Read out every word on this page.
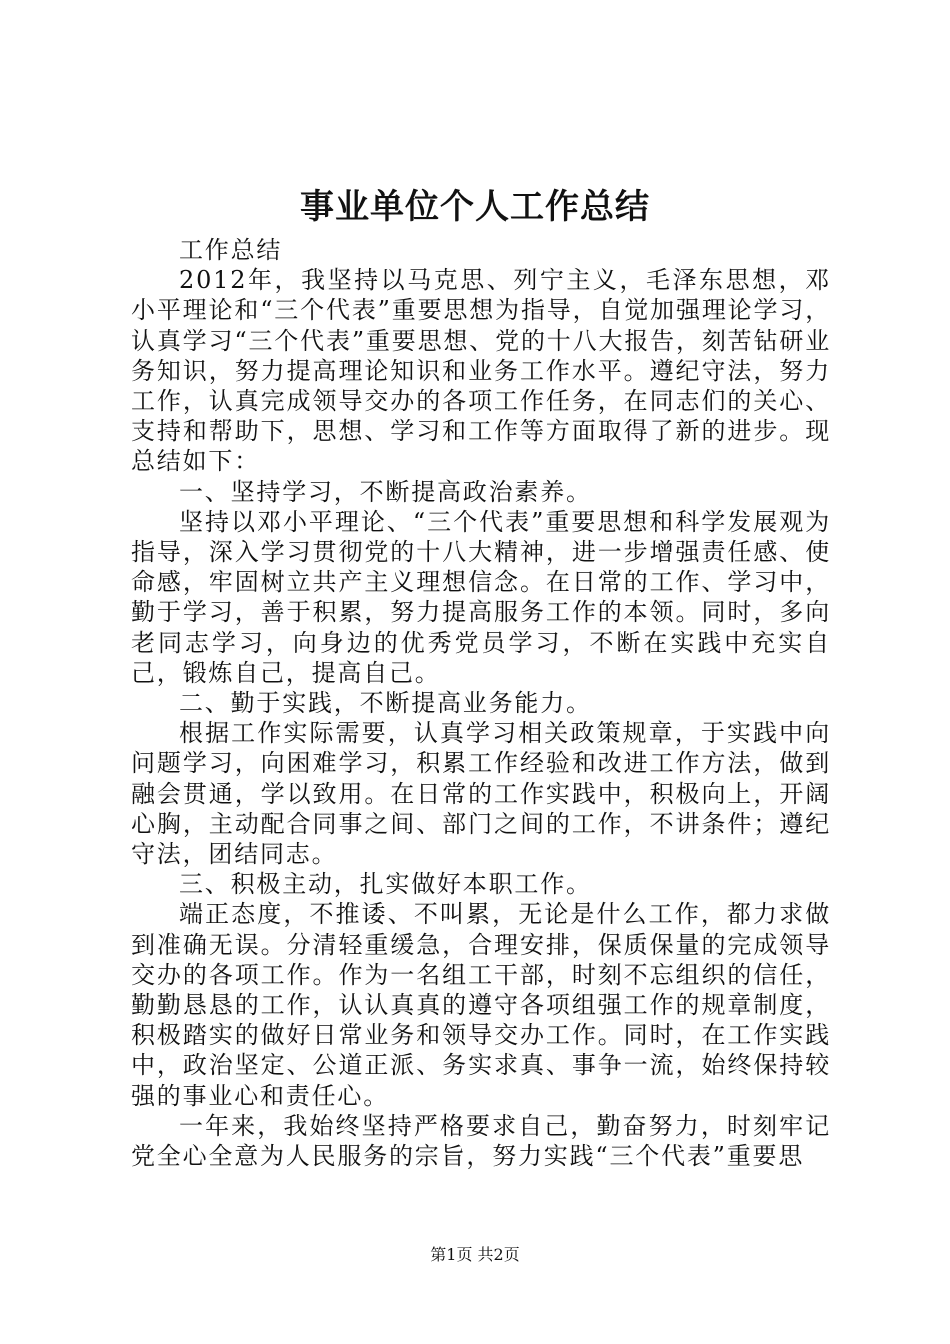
事业单位个人工作总结

工作总结

2012年，我坚持以马克思、列宁主义，毛泽东思想，邓小平理论和“三个代表”重要思想为指导，自觉加强理论学习，认真学习“三个代表”重要思想、党的十八大报告，刻苦钻研业务知识，努力提高理论知识和业务工作水平。遵纪守法，努力工作，认真完成领导交办的各项工作任务，在同志们的关心、支持和帮助下，思想、学习和工作等方面取得了新的进步。现总结如下：

一、坚持学习，不断提高政治素养。

坚持以邓小平理论、“三个代表”重要思想和科学发展观为指导，深入学习贯彻党的十八大精神，进一步增强责任感、使命感，牢固树立共产主义理想信念。在日常的工作、学习中，勤于学习，善于积累，努力提高服务工作的本领。同时，多向老同志学习，向身边的优秀党员学习，不断在实践中充实自己，锻炼自己，提高自己。

二、勤于实践，不断提高业务能力。

根据工作实际需要，认真学习相关政策规章，于实践中向问题学习，向困难学习，积累工作经验和改进工作方法，做到融会贯通，学以致用。在日常的工作实践中，积极向上，开阔心胸，主动配合同事之间、部门之间的工作，不讲条件；遵纪守法，团结同志。

三、积极主动，扎实做好本职工作。

端正态度，不推诿、不叫累，无论是什么工作，都力求做到准确无误。分清轻重缓急，合理安排，保质保量的完成领导交办的各项工作。作为一名组工干部，时刻不忘组织的信任，勤勤恳恳的工作，认认真真的遵守各项组强工作的规章制度，积极踏实的做好日常业务和领导交办工作。同时，在工作实践中，政治坚定、公道正派、务实求真、事争一流，始终保持较强的事业心和责任心。

一年来，我始终坚持严格要求自己，勤奋努力，时刻牢记党全心全意为人民服务的宗旨，努力实践“三个代表”重要思

第1页 共2页
